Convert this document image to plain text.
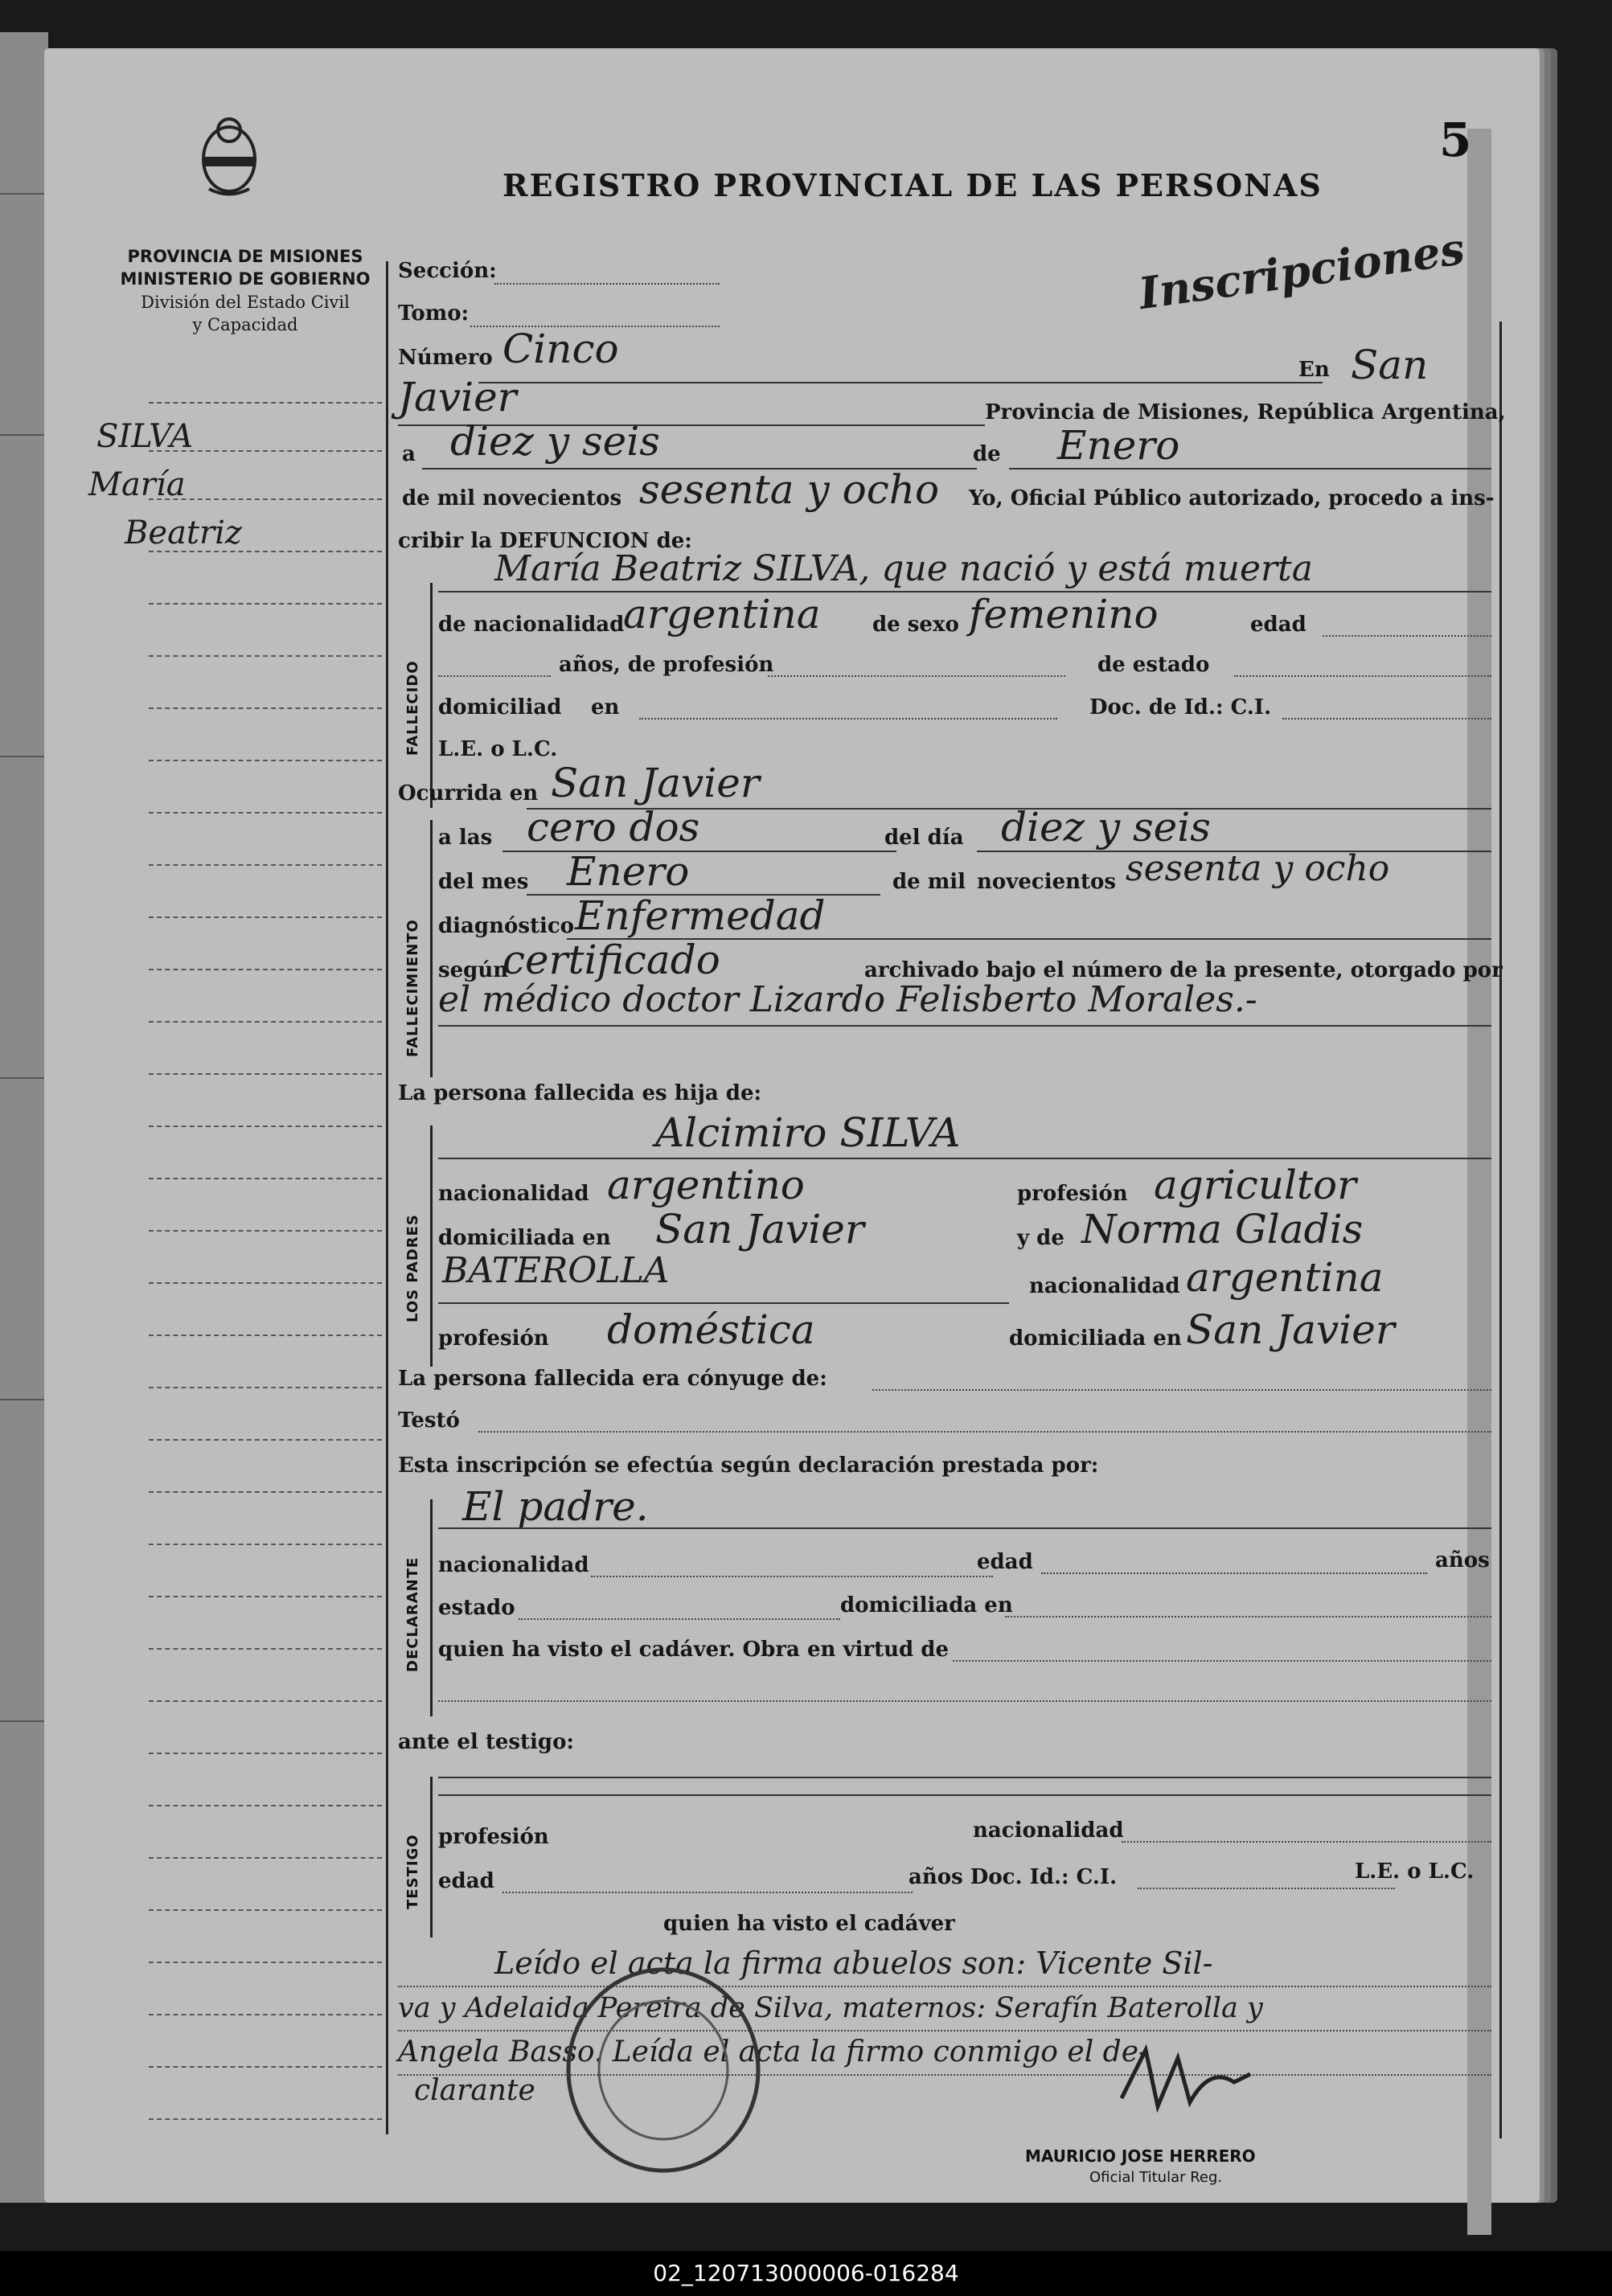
5
PROVINCIA DE MISIONES
MINISTERIO DE GOBIERNO
División del Estado Civil
y Capacidad
REGISTRO PROVINCIAL DE LAS PERSONAS
Inscripciones
SILVA
María
Beatriz
Sección:
Tomo:
Número Cinco	En San
Javier	Provincia de Misiones, República Argentina,
a diez y seis	de Enero
de mil novecientos sesenta y ocho Yo, Oficial Público autorizado, procedo a ins-
cribir la DEFUNCION de:
FALLECIDO
María Beatriz SILVA, que nació y está muerta
de nacionalidad
argentina de sexo femenino	edad
años, de profesión	de estado
domiciliad en	Doc. de Id.: C.I.
L.E. o L.C.
Ocurrida en San Javier
FALLECIMIENTO
a las cero dos	del día diez y seis
del mes Enero	de mil novecientos sesenta y ocho
diagnóstico Enfermedad
según
certificado	archivado bajo el número de la presente, otorgado por
el médico doctor Lizardo Felisberto Morales.-
La persona fallecida es hija de:
LOS PADRES
Alcimiro SILVA
nacionalidad argentino	profesión agricultor
domiciliada en San Javier	y de Norma Gladis
BATEROLLA	nacionalidad argentina
profesión doméstica	domiciliada en San Javier
La persona fallecida era cónyuge de:
Testó
Esta inscripción se efectúa según declaración prestada por:
DECLARANTE
El padre.
nacionalidad	edad	años
estado	domiciliada en
quien ha visto el cadáver. Obra en virtud de
ante el testigo:
TESTIGO profesión	nacionalidad
edad	años Doc. Id.: C.I.	L.E. o L.C.
quien ha visto el cadáver
Leído el acta la firma abuelos son: Vicente Sil-
va y Adelaida Pereira de Silva, maternos: Serafín Baterolla y
Angela Basso. Leída el acta la firmo conmigo el de-
clarante
MAURICIO JOSE HERRERO
Oficial Titular Reg.
02_120713000006-016284
